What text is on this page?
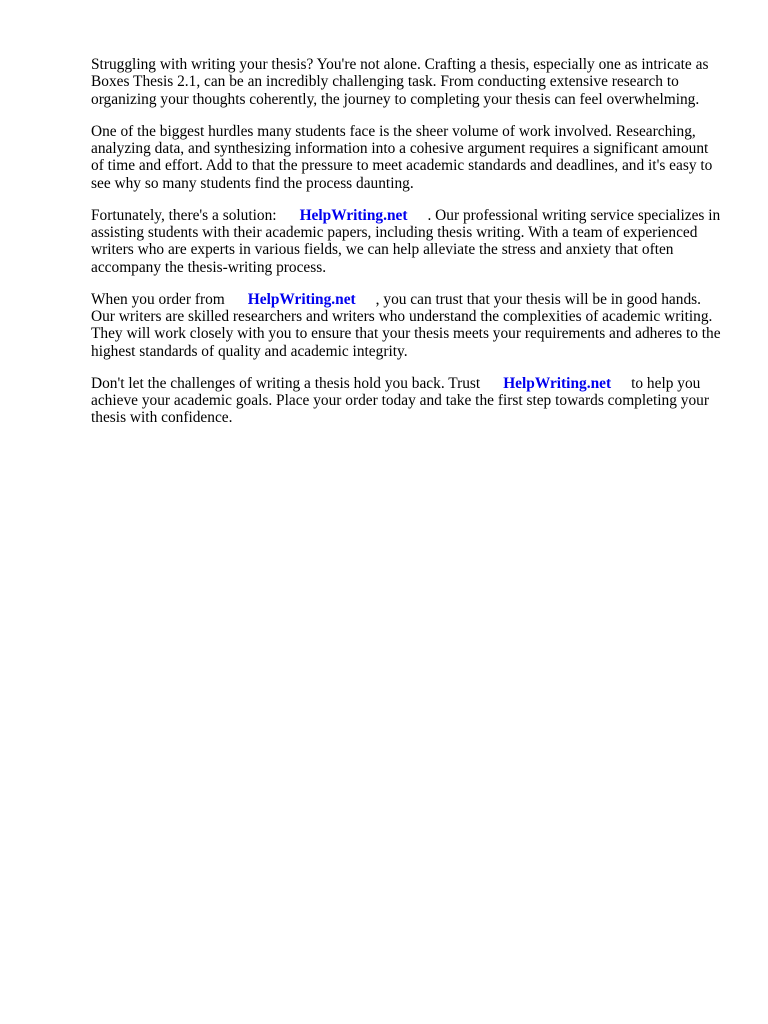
Struggling with writing your thesis? You're not alone. Crafting a thesis, especially one as intricate as Boxes Thesis 2.1, can be an incredibly challenging task. From conducting extensive research to organizing your thoughts coherently, the journey to completing your thesis can feel overwhelming.

One of the biggest hurdles many students face is the sheer volume of work involved. Researching, analyzing data, and synthesizing information into a cohesive argument requires a significant amount of time and effort. Add to that the pressure to meet academic standards and deadlines, and it's easy to see why so many students find the process daunting.

Fortunately, there's a solution: HelpWriting.net . Our professional writing service specializes in assisting students with their academic papers, including thesis writing. With a team of experienced writers who are experts in various fields, we can help alleviate the stress and anxiety that often accompany the thesis-writing process.

When you order from HelpWriting.net , you can trust that your thesis will be in good hands. Our writers are skilled researchers and writers who understand the complexities of academic writing. They will work closely with you to ensure that your thesis meets your requirements and adheres to the highest standards of quality and academic integrity.

Don't let the challenges of writing a thesis hold you back. Trust HelpWriting.net to help you achieve your academic goals. Place your order today and take the first step towards completing your thesis with confidence.
